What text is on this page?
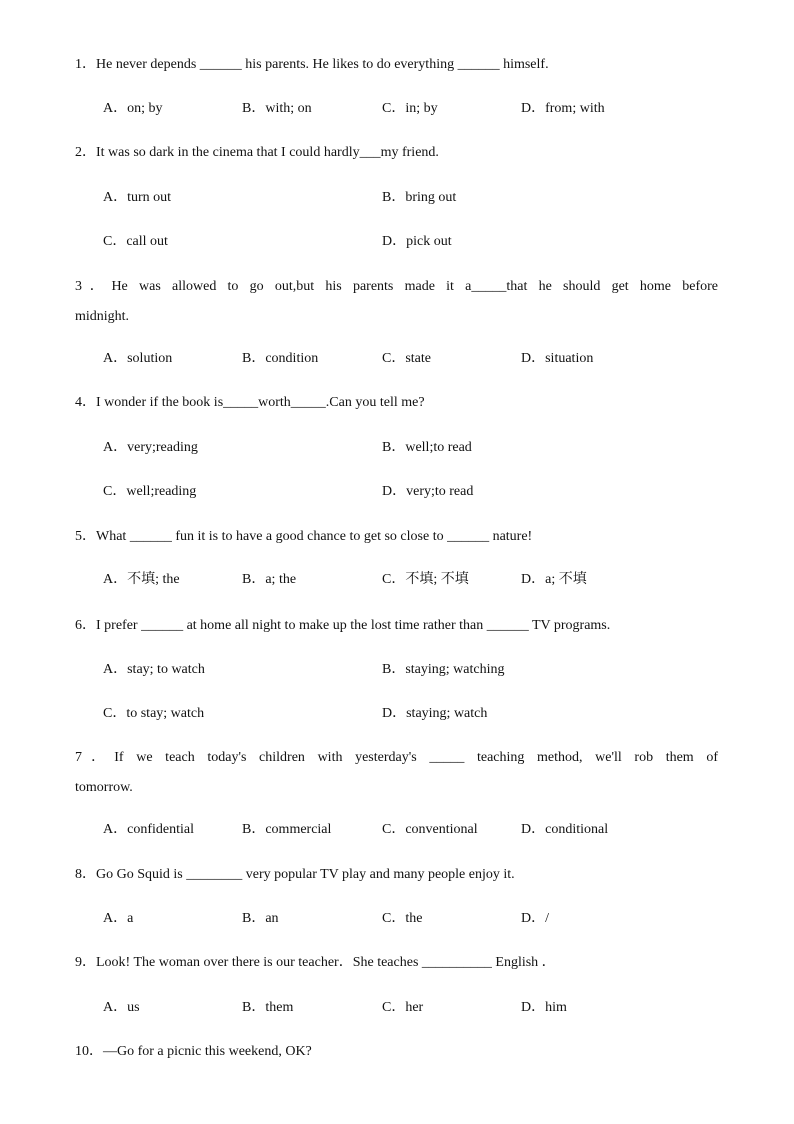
1．He never depends ______ his parents. He likes to do everything ______ himself.
A．on; by	B．with; on	C．in; by	D．from; with
2．It was so dark in the cinema that I could hardly___my friend.
A．turn out	B．bring out
C．call out	D．pick out
3．He was allowed to go out,but his parents made it a_____that he should get home before
midnight.
A．solution	B．condition	C．state	D．situation
4．I wonder if the book is_____worth_____.Can you tell me?
A．very;reading	B．well;to read
C．well;reading	D．very;to read
5．What ______ fun it is to have a good chance to get so close to ______ nature!
A．不填; the	B．a; the	C．不填; 不填	D．a; 不填
6．I prefer ______ at home all night to make up the lost time rather than ______ TV programs.
A．stay; to watch	B．staying; watching
C．to stay; watch	D．staying; watch
7．If we teach today's children with yesterday's _____ teaching method, we'll rob them of
tomorrow.
A．confidential	B．commercial	C．conventional	D．conditional
8．Go Go Squid is ________ very popular TV play and many people enjoy it.
A．a	B．an	C．the	D．/
9．Look! The woman over there is our teacher．She teaches __________ English ．
A．us	B．them	C．her	D．him
10．—Go for a picnic this weekend, OK?
